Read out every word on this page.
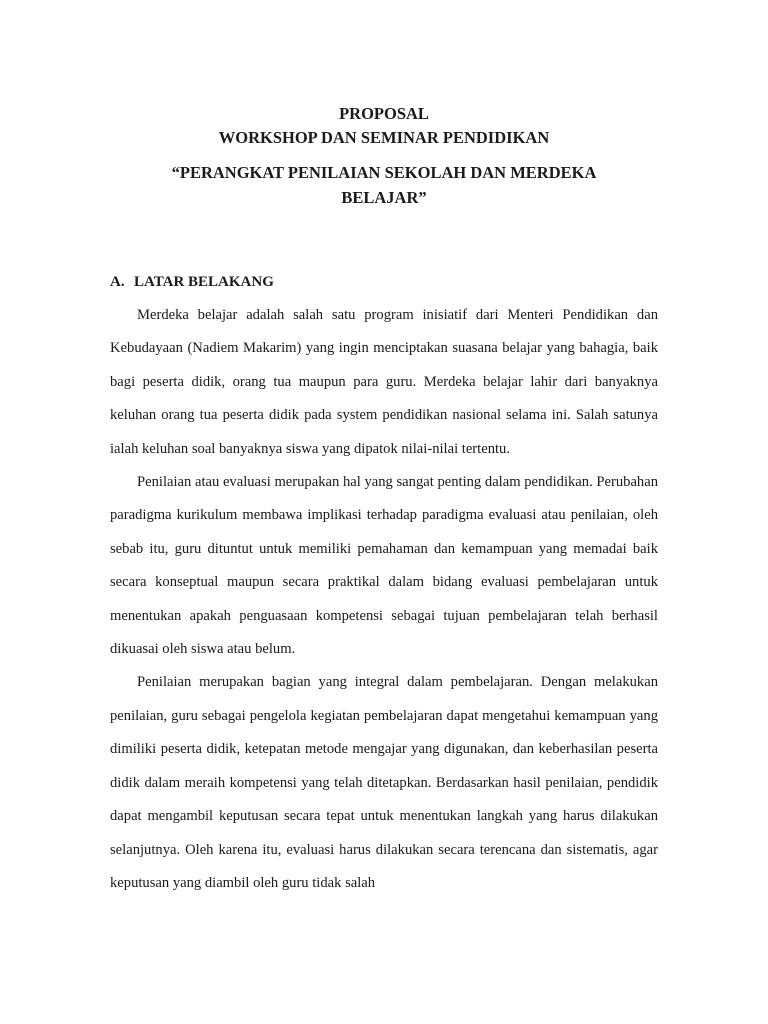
PROPOSAL
WORKSHOP DAN SEMINAR PENDIDIKAN
“PERANGKAT PENILAIAN SEKOLAH DAN MERDEKA
BELAJAR”
A. LATAR BELAKANG

Merdeka belajar adalah salah satu program inisiatif dari Menteri Pendidikan dan Kebudayaan (Nadiem Makarim) yang ingin menciptakan suasana belajar yang bahagia, baik bagi peserta didik, orang tua maupun para guru. Merdeka belajar lahir dari banyaknya keluhan orang tua peserta didik pada system pendidikan nasional selama ini. Salah satunya ialah keluhan soal banyaknya siswa yang dipatok nilai-nilai tertentu.

Penilaian atau evaluasi merupakan hal yang sangat penting dalam pendidikan. Perubahan paradigma kurikulum membawa implikasi terhadap paradigma evaluasi atau penilaian, oleh sebab itu, guru dituntut untuk memiliki pemahaman dan kemampuan yang memadai baik secara konseptual maupun secara praktikal dalam bidang evaluasi pembelajaran untuk menentukan apakah penguasaan kompetensi sebagai tujuan pembelajaran telah berhasil dikuasai oleh siswa atau belum.

Penilaian merupakan bagian yang integral dalam pembelajaran. Dengan melakukan penilaian, guru sebagai pengelola kegiatan pembelajaran dapat mengetahui kemampuan yang dimiliki peserta didik, ketepatan metode mengajar yang digunakan, dan keberhasilan peserta didik dalam meraih kompetensi yang telah ditetapkan. Berdasarkan hasil penilaian, pendidik dapat mengambil keputusan secara tepat untuk menentukan langkah yang harus dilakukan selanjutnya. Oleh karena itu, evaluasi harus dilakukan secara terencana dan sistematis, agar keputusan yang diambil oleh guru tidak salah
